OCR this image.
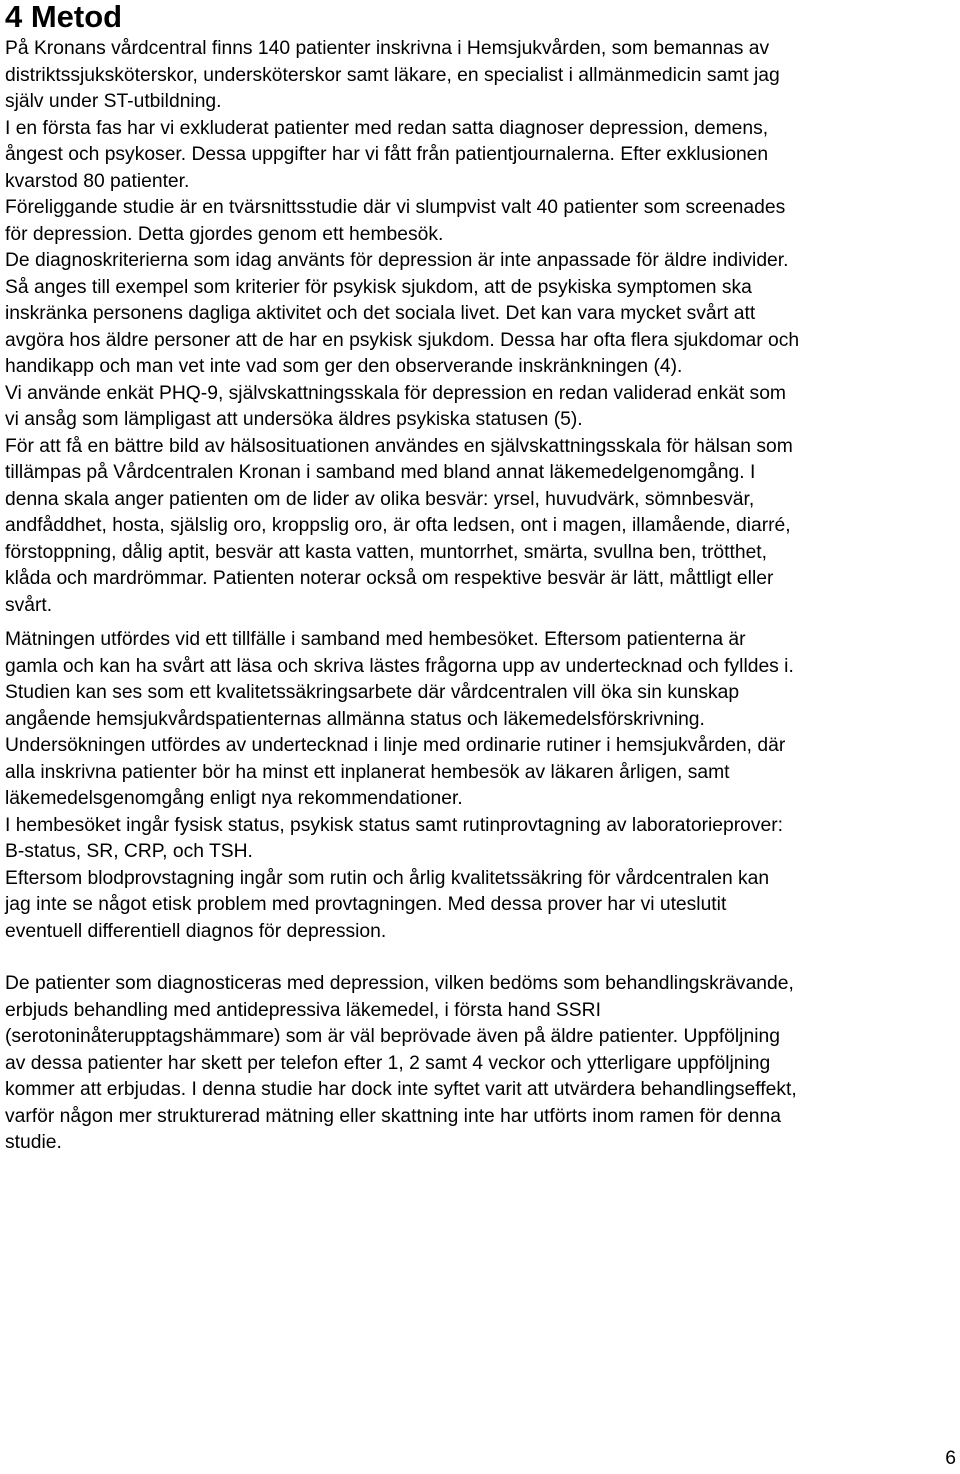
4 Metod

På Kronans vårdcentral finns 140 patienter inskrivna i Hemsjukvården, som bemannas av
distriktssjuksköterskor, undersköterskor samt läkare, en specialist i allmänmedicin samt jag
själv under ST-utbildning.
I en första fas har vi exkluderat patienter med redan satta diagnoser depression, demens,
ångest och psykoser. Dessa uppgifter har vi fått från patientjournalerna. Efter exklusionen
kvarstod 80 patienter.
Föreliggande studie är en tvärsnittsstudie där vi slumpvist valt 40 patienter som screenades
för depression. Detta gjordes genom ett hembesök.
De diagnoskriterierna som idag använts för depression är inte anpassade för äldre individer.
Så anges till exempel som kriterier för psykisk sjukdom, att de psykiska symptomen ska
inskränka personens dagliga aktivitet och det sociala livet. Det kan vara mycket svårt att
avgöra hos äldre personer att de har en psykisk sjukdom. Dessa har ofta flera sjukdomar och
handikapp och man vet inte vad som ger den observerande inskränkningen (4).
Vi använde enkät PHQ-9, självskattningsskala för depression en redan validerad enkät som
vi ansåg som lämpligast att undersöka äldres psykiska statusen (5).
För att få en bättre bild av hälsosituationen användes en självskattningsskala för hälsan som
tillämpas på Vårdcentralen Kronan i samband med bland annat läkemedelgenomgång. I
denna skala anger patienten om de lider av olika besvär: yrsel, huvudvärk, sömnbesvär,
andfåddhet, hosta, själslig oro, kroppslig oro, är ofta ledsen, ont i magen, illamående, diarré,
förstoppning, dålig aptit, besvär att kasta vatten, muntorrhet, smärta, svullna ben, trötthet,
klåda och mardrömmar. Patienten noterar också om respektive besvär är lätt, måttligt eller
svårt.

Mätningen utfördes vid ett tillfälle i samband med hembesöket. Eftersom patienterna är
gamla och kan ha svårt att läsa och skriva lästes frågorna upp av undertecknad och fylldes i.
Studien kan ses som ett kvalitetssäkringsarbete där vårdcentralen vill öka sin kunskap
angående hemsjukvårdspatienternas allmänna status och läkemedelsförskrivning.
Undersökningen utfördes av undertecknad i linje med ordinarie rutiner i hemsjukvården, där
alla inskrivna patienter bör ha minst ett inplanerat hembesök av läkaren årligen, samt
läkemedelsgenomgång enligt nya rekommendationer.
I hembesöket ingår fysisk status, psykisk status samt rutinprovtagning av laboratorieprover:
B-status, SR, CRP, och TSH.
Eftersom blodprovstagning ingår som rutin och årlig kvalitetssäkring för vårdcentralen kan
jag inte se något etisk problem med provtagningen. Med dessa prover har vi uteslutit
eventuell differentiell diagnos för depression.

De patienter som diagnosticeras med depression, vilken bedöms som behandlingskrävande,
erbjuds behandling med antidepressiva läkemedel, i första hand SSRI
(serotoninåterupptagshämmare) som är väl beprövade även på äldre patienter. Uppföljning
av dessa patienter har skett per telefon efter 1, 2 samt 4 veckor och ytterligare uppföljning
kommer att erbjudas. I denna studie har dock inte syftet varit att utvärdera behandlingseffekt,
varför någon mer strukturerad mätning eller skattning inte har utförts inom ramen för denna
studie.

6
